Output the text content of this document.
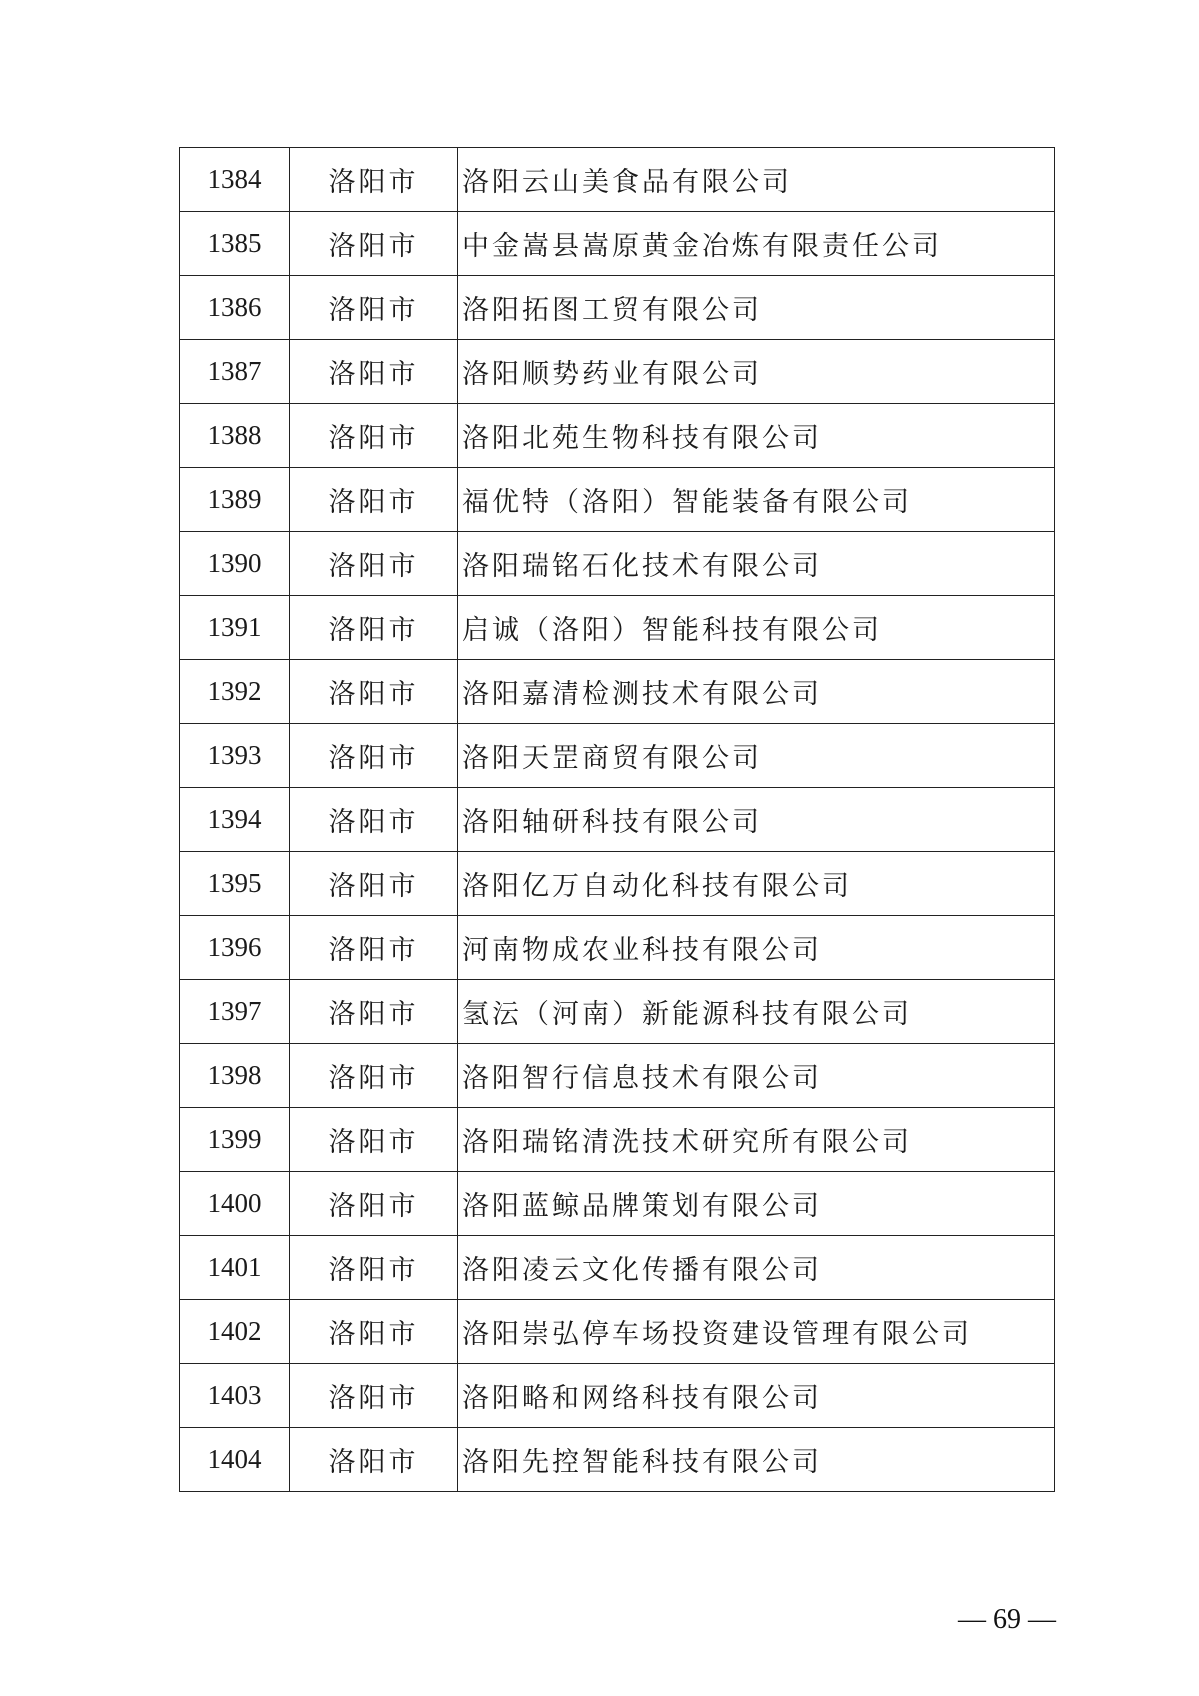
1384	洛阳市	洛阳云山美食品有限公司
1385	洛阳市	中金嵩县嵩原黄金冶炼有限责任公司
1386	洛阳市	洛阳拓图工贸有限公司
1387	洛阳市	洛阳顺势药业有限公司
1388	洛阳市	洛阳北苑生物科技有限公司
1389	洛阳市	福优特（洛阳）智能装备有限公司
1390	洛阳市	洛阳瑞铭石化技术有限公司
1391	洛阳市	启诚（洛阳）智能科技有限公司
1392	洛阳市	洛阳嘉清检测技术有限公司
1393	洛阳市	洛阳天罡商贸有限公司
1394	洛阳市	洛阳轴研科技有限公司
1395	洛阳市	洛阳亿万自动化科技有限公司
1396	洛阳市	河南物成农业科技有限公司
1397	洛阳市	氢沄（河南）新能源科技有限公司
1398	洛阳市	洛阳智行信息技术有限公司
1399	洛阳市	洛阳瑞铭清洗技术研究所有限公司
1400	洛阳市	洛阳蓝鲸品牌策划有限公司
1401	洛阳市	洛阳凌云文化传播有限公司
1402	洛阳市	洛阳崇弘停车场投资建设管理有限公司
1403	洛阳市	洛阳略和网络科技有限公司
1404	洛阳市	洛阳先控智能科技有限公司
— 69 —
